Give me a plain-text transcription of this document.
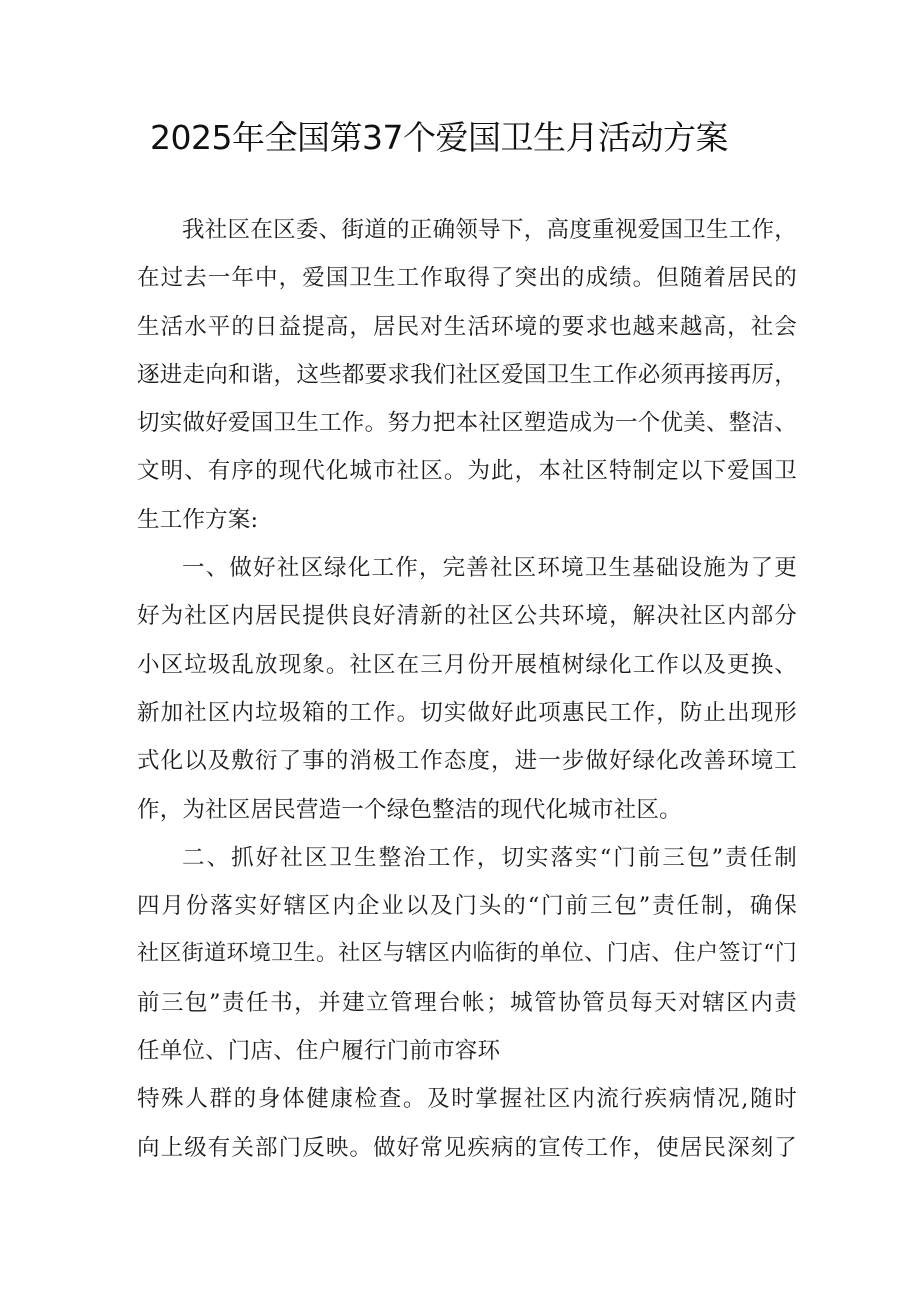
2025年全国第37个爱国卫生月活动方案
我社区在区委、街道的正确领导下，高度重视爱国卫生工作，
在过去一年中，爱国卫生工作取得了突出的成绩。但随着居民的
生活水平的日益提高，居民对生活环境的要求也越来越高，社会
逐进走向和谐，这些都要求我们社区爱国卫生工作必须再接再厉，
切实做好爱国卫生工作。努力把本社区塑造成为一个优美、整洁、
文明、有序的现代化城市社区。为此，本社区特制定以下爱国卫
生工作方案:
一、做好社区绿化工作，完善社区环境卫生基础设施为了更
好为社区内居民提供良好清新的社区公共环境，解决社区内部分
小区垃圾乱放现象。社区在三月份开展植树绿化工作以及更换、
新加社区内垃圾箱的工作。切实做好此项惠民工作，防止出现形
式化以及敷衍了事的消极工作态度，进一步做好绿化改善环境工
作，为社区居民营造一个绿色整洁的现代化城市社区。
二、抓好社区卫生整治工作，切实落实“门前三包”责任制
四月份落实好辖区内企业以及门头的“门前三包”责任制，确保
社区街道环境卫生。社区与辖区内临街的单位、门店、住户签订“门
前三包”责任书，并建立管理台帐；城管协管员每天对辖区内责
任单位、门店、住户履行门前市容环
特殊人群的身体健康检查。及时掌握社区内流行疾病情况,随时
向上级有关部门反映。做好常见疾病的宣传工作，使居民深刻了
